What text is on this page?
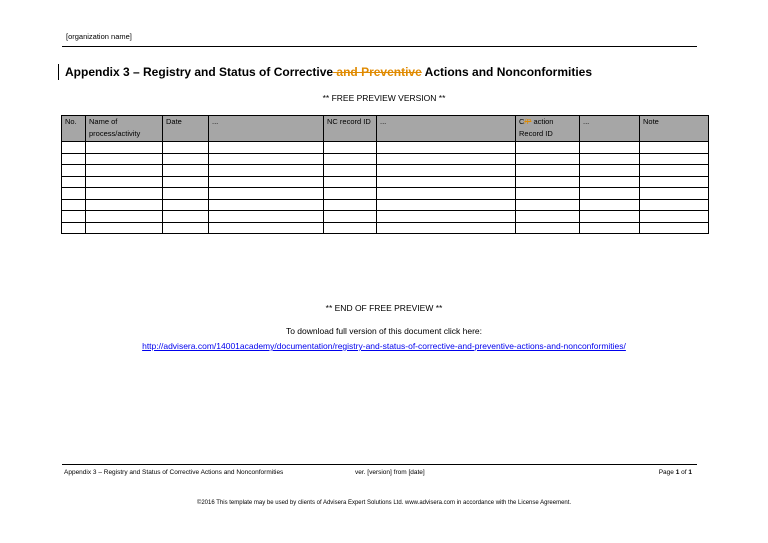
[organization name]
Appendix 3 – Registry and Status of Corrective and Preventive Actions and Nonconformities
** FREE PREVIEW VERSION **
No.	Name of process/activity	Date	...	NC record ID	...	C/P action Record ID	...	Note

** END OF FREE PREVIEW **
To download full version of this document click here:
http://advisera.com/14001academy/documentation/registry-and-status-of-corrective-and-preventive-actions-and-nonconformities/
Appendix 3 – Registry and Status of Corrective Actions and Nonconformities	ver. [version] from [date]	Page 1 of 1
©2016 This template may be used by clients of Advisera Expert Solutions Ltd. www.advisera.com in accordance with the License Agreement.
